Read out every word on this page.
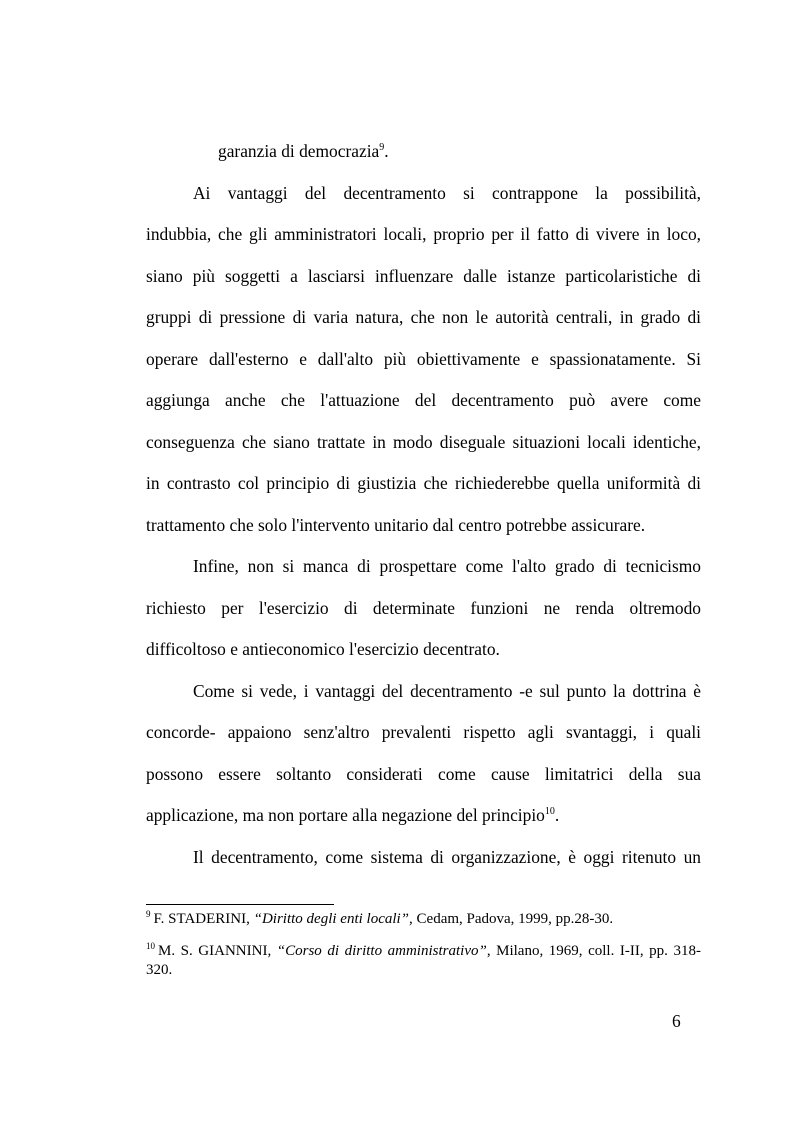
garanzia di democrazia$^9$.
Ai vantaggi del decentramento si contrappone la possibilità,
indubbia, che gli amministratori locali, proprio per il fatto di vivere in loco,
siano più soggetti a lasciarsi influenzare dalle istanze particolaristiche di
gruppi di pressione di varia natura, che non le autorità centrali, in grado di
operare dall'esterno e dall'alto più obiettivamente e spassionatamente. Si
aggiunga anche che l'attuazione del decentramento può avere come
conseguenza che siano trattate in modo diseguale situazioni locali identiche,
in contrasto col principio di giustizia che richiederebbe quella uniformità di
trattamento che solo l'intervento unitario dal centro potrebbe assicurare.
Infine, non si manca di prospettare come l'alto grado di tecnicismo
richiesto per l'esercizio di determinate funzioni ne renda oltremodo
difficoltoso e antieconomico l'esercizio decentrato.
Come si vede, i vantaggi del decentramento -e sul punto la dottrina è
concorde- appaiono senz'altro prevalenti rispetto agli svantaggi, i quali
possono essere soltanto considerati come cause limitatrici della sua
applicazione, ma non portare alla negazione del principio$^{10}$.
Il decentramento, come sistema di organizzazione, è oggi ritenuto un

$^9$ F. STADERINI, “Diritto degli enti locali”, Cedam, Padova, 1999, pp.28-30.

$^{10}$ M. S. GIANNINI, “Corso di diritto amministrativo”, Milano, 1969, coll. I-II, pp. 318-320.

6
